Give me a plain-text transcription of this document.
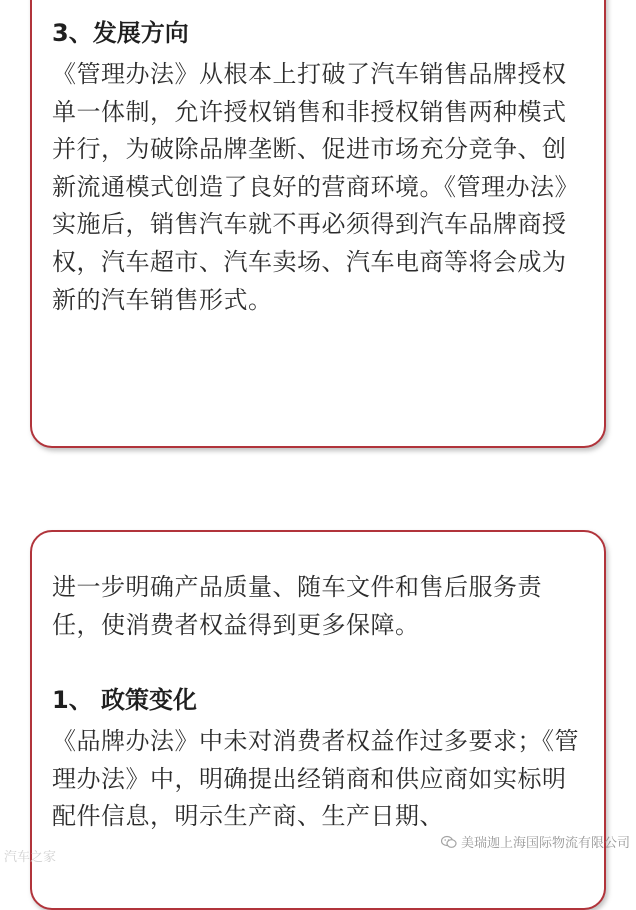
3、发展方向

《管理办法》从根本上打破了汽车销售品牌授权单一体制，允许授权销售和非授权销售两种模式并行，为破除品牌垄断、促进市场充分竞争、创新流通模式创造了良好的营商环境。《管理办法》实施后，销售汽车就不再必须得到汽车品牌商授权，汽车超市、汽车卖场、汽车电商等将会成为新的汽车销售形式。

进一步明确产品质量、随车文件和售后服务责任，使消费者权益得到更多保障。

1、 政策变化

《品牌办法》中未对消费者权益作过多要求；《管理办法》中，明确提出经销商和供应商如实标明配件信息，明示生产商、生产日期、

汽车之家
美瑞迦上海国际物流有限公司
